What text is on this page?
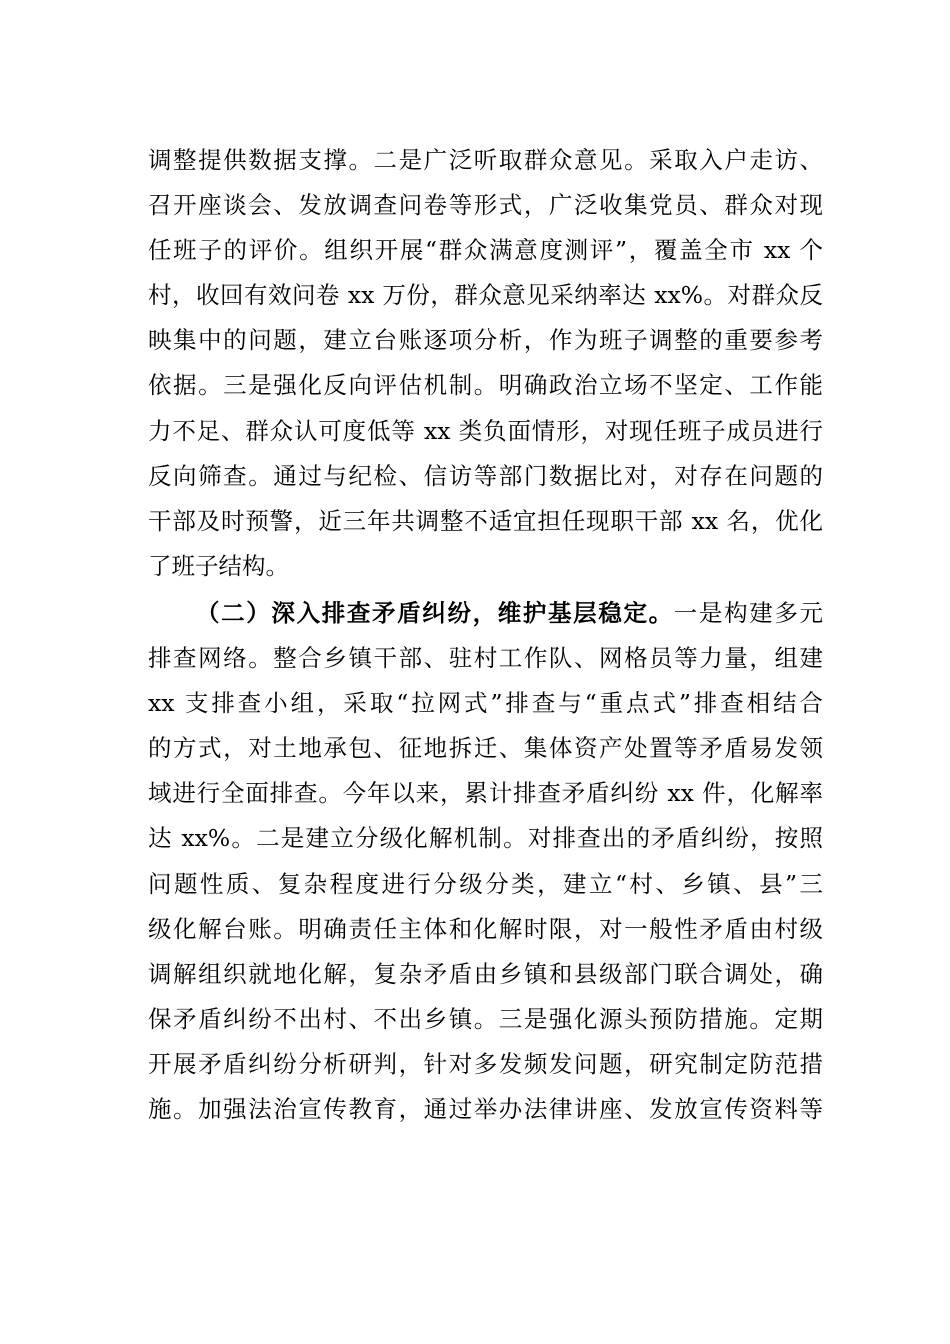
调整提供数据支撑。二是广泛听取群众意见。采取入户走访、
召开座谈会、发放调查问卷等形式，广泛收集党员、群众对现
任班子的评价。组织开展“群众满意度测评”，覆盖全市 xx 个
村，收回有效问卷 xx 万份，群众意见采纳率达 xx%。对群众反
映集中的问题，建立台账逐项分析，作为班子调整的重要参考
依据。三是强化反向评估机制。明确政治立场不坚定、工作能
力不足、群众认可度低等 xx 类负面情形，对现任班子成员进行
反向筛查。通过与纪检、信访等部门数据比对，对存在问题的
干部及时预警，近三年共调整不适宜担任现职干部 xx 名，优化
了班子结构。
（二）深入排查矛盾纠纷，维护基层稳定。一是构建多元
排查网络。整合乡镇干部、驻村工作队、网格员等力量，组建
xx 支排查小组，采取“拉网式”排查与“重点式”排查相结合
的方式，对土地承包、征地拆迁、集体资产处置等矛盾易发领
域进行全面排查。今年以来，累计排查矛盾纠纷 xx 件，化解率
达 xx%。二是建立分级化解机制。对排查出的矛盾纠纷，按照
问题性质、复杂程度进行分级分类，建立“村、乡镇、县”三
级化解台账。明确责任主体和化解时限，对一般性矛盾由村级
调解组织就地化解，复杂矛盾由乡镇和县级部门联合调处，确
保矛盾纠纷不出村、不出乡镇。三是强化源头预防措施。定期
开展矛盾纠纷分析研判，针对多发频发问题，研究制定防范措
施。加强法治宣传教育，通过举办法律讲座、发放宣传资料等
